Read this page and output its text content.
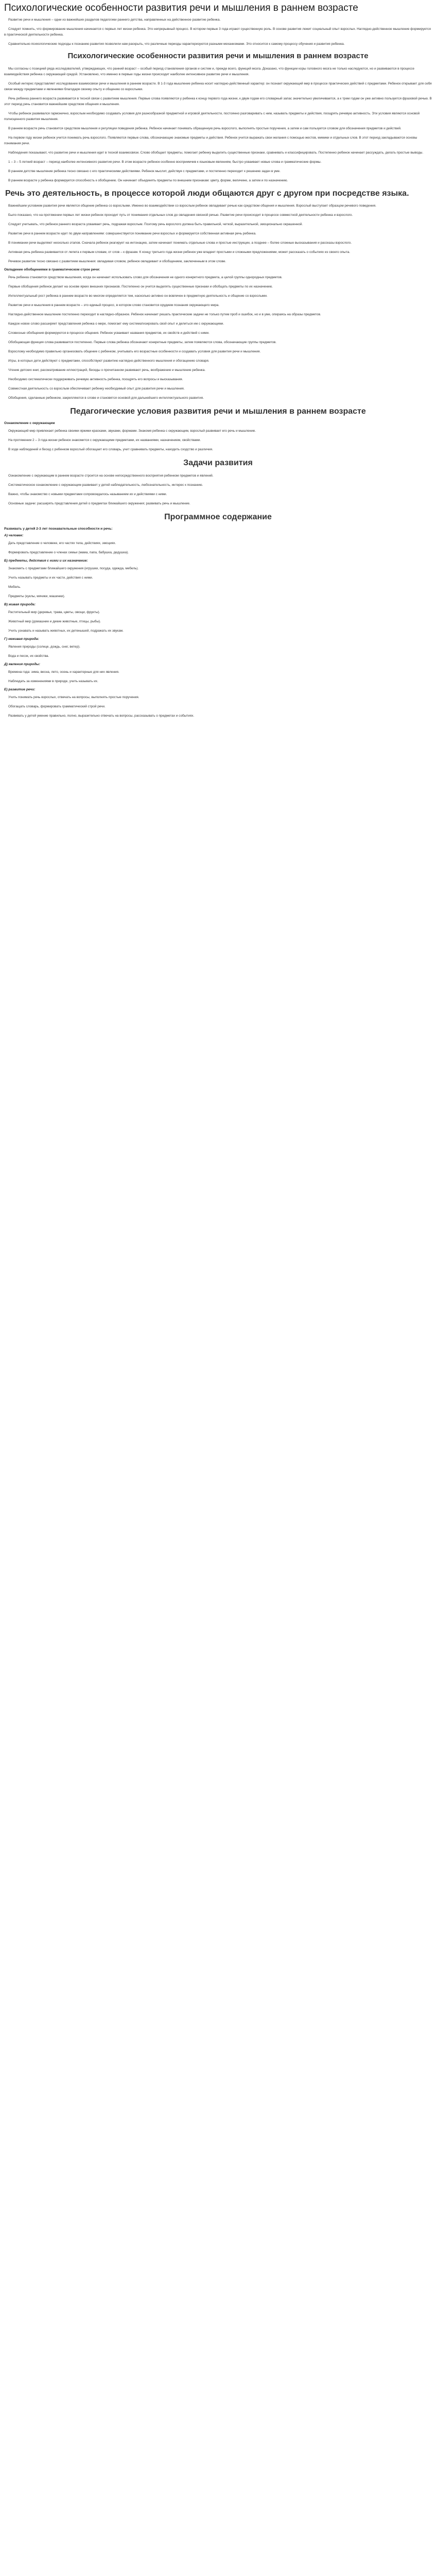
Психологические особенности развития речи и мышления в раннем возрасте

Развитие речи и мышления – одни из важнейших разделов педагогики раннего детства, направленных на действенное развитие ребенка.

Следует помнить, что формирование мышления начинается с первых лет жизни ребенка. Это непрерывный процесс. В котором первые 3 года играют существенную роль. В основе развития лежит социальный опыт взрослых. Наглядно-действенное мышление формируется в практической деятельности ребенка.

Сравнительно-психологические подходы к познанию развития позволили нам раскрыть, что различные периоды характеризуются разными механизмами. Это относится к самому процессу обучения и развития ребенка.

Психологические особенности развития речи и мышления в раннем возрасте

Мы согласны с позицией ряда исследователей, утверждающих, что ранний возраст – особый период становления органов и систем и, прежде всего, функций мозга. Доказано, что функции коры головного мозга не только наследуются, но и развиваются в процессе взаимодействия ребенка с окружающей средой. Установлено, что именно в первые годы жизни происходит наиболее интенсивное развитие речи и мышления.

Особый интерес представляет исследование взаимосвязи речи и мышления в раннем возрасте. В 1-3 года мышление ребенка носит наглядно-действенный характер: он познает окружающий мир в процессе практических действий с предметами. Ребенок открывает для себя связи между предметами и явлениями благодаря своему опыту и общению со взрослыми.

Речь ребенка раннего возраста развивается в тесной связи с развитием мышления. Первые слова появляются у ребенка к концу первого года жизни, к двум годам его словарный запас значительно увеличивается, а к трем годам он уже активно пользуется фразовой речью. В этот период речь становится важнейшим средством общения и мышления.

Чтобы ребенок развивался гармонично, взрослым необходимо создавать условия для разнообразной предметной и игровой деятельности, постоянно разговаривать с ним, называть предметы и действия, поощрять речевую активность. Эти условия являются основой полноценного развития мышления.

В раннем возрасте речь становится средством мышления и регуляции поведения ребенка. Ребенок начинает понимать обращенную речь взрослого, выполнять простые поручения, а затем и сам пользуется словом для обозначения предметов и действий.

На первом году жизни ребенок учится понимать речь взрослого. Появляются первые слова, обозначающие знакомые предметы и действия. Ребенок учится выражать свои желания с помощью жестов, мимики и отдельных слов. В этот период закладываются основы понимания речи.

Наблюдения показывают, что развитие речи и мышления идет в тесной взаимосвязи. Слово обобщает предметы, помогает ребенку выделить существенные признаки, сравнивать и классифицировать. Постепенно ребенок начинает рассуждать, делать простые выводы.

1 – 3 – 5 летний возраст – период наиболее интенсивного развития речи. В этом возрасте ребенок особенно восприимчив к языковым явлениям, быстро усваивает новые слова и грамматические формы.

В раннем детстве мышление ребенка тесно связано с его практическими действиями. Ребенок мыслит, действуя с предметами, и постепенно переходит к решению задач в уме.

В раннем возрасте у ребенка формируется способность к обобщению. Он начинает объединять предметы по внешним признакам: цвету, форме, величине, а затем и по назначению.

Речь это деятельность, в процессе которой люди общаются друг с другом при посредстве языка.

Важнейшим условием развития речи является общение ребенка со взрослыми. Именно во взаимодействии со взрослым ребенок овладевает речью как средством общения и мышления. Взрослый выступает образцом речевого поведения.

Было показано, что на протяжении первых лет жизни ребенок проходит путь от понимания отдельных слов до овладения связной речью. Развитие речи происходит в процессе совместной деятельности ребенка и взрослого.

Следует учитывать, что ребенок раннего возраста усваивает речь, подражая взрослым. Поэтому речь взрослого должна быть правильной, четкой, выразительной, эмоционально окрашенной.

Развитие речи в раннем возрасте идет по двум направлениям: совершенствуется понимание речи взрослых и формируется собственная активная речь ребенка.

В понимании речи выделяют несколько этапов. Сначала ребенок реагирует на интонацию, затем начинает понимать отдельные слова и простые инструкции, а позднее – более сложные высказывания и рассказы взрослого.

Активная речь ребенка развивается от лепета к первым словам, от слов – к фразам. К концу третьего года жизни ребенок уже владеет простыми и сложными предложениями, может рассказать о событиях из своего опыта.

Речевое развитие тесно связано с развитием мышления: овладевая словом, ребенок овладевает и обобщением, заключенным в этом слове.

Овладение обобщениями в грамматическом строе речи:

Речь ребенка становится средством мышления, когда он начинает использовать слово для обозначения не одного конкретного предмета, а целой группы однородных предметов.

Первые обобщения ребенок делает на основе ярких внешних признаков. Постепенно он учится выделять существенные признаки и обобщать предметы по их назначению.

Интеллектуальный рост ребенка в раннем возрасте во многом определяется тем, насколько активно он вовлечен в предметную деятельность и общение со взрослыми.

Развитие речи и мышления в раннем возрасте – это единый процесс, в котором слово становится орудием познания окружающего мира.

Наглядно-действенное мышление постепенно переходит в наглядно-образное. Ребенок начинает решать практические задачи не только путем проб и ошибок, но и в уме, опираясь на образы предметов.

Каждое новое слово расширяет представления ребенка о мире, помогает ему систематизировать свой опыт и делиться им с окружающими.

Словесные обобщения формируются в процессе общения. Ребенок усваивает названия предметов, их свойств и действий с ними.

Обобщающая функция слова развивается постепенно. Первые слова ребенка обозначают конкретные предметы, затем появляются слова, обозначающие группы предметов.

Взрослому необходимо правильно организовать общение с ребенком, учитывать его возрастные особенности и создавать условия для развития речи и мышления.

Игры, в которых дети действуют с предметами, способствуют развитию наглядно-действенного мышления и обогащению словаря.

Чтение детских книг, рассматривание иллюстраций, беседы о прочитанном развивают речь, воображение и мышление ребенка.

Необходимо систематически поддерживать речевую активность ребенка, поощрять его вопросы и высказывания.

Совместная деятельность со взрослым обеспечивает ребенку необходимый опыт для развития речи и мышления.

Обобщения, сделанные ребенком, закрепляются в слове и становятся основой для дальнейшего интеллектуального развития.

Педагогические условия развития речи и мышления в раннем возрасте
Ознакомление с окружающим

Окружающий мир привлекает ребенка своими яркими красками, звуками, формами. Знакомя ребенка с окружающим, взрослый развивает его речь и мышление.

На протяжении 2 – 3 года жизни ребенок знакомится с окружающими предметами, их названиями, назначением, свойствами.

В ходе наблюдений и бесед с ребенком взрослый обогащает его словарь, учит сравнивать предметы, находить сходство и различия.

Задачи развития

Ознакомление с окружающим в раннем возрасте строится на основе непосредственного восприятия ребенком предметов и явлений.

Систематическое ознакомление с окружающим развивает у детей наблюдательность, любознательность, интерес к познанию.

Важно, чтобы знакомство с новыми предметами сопровождалось называнием их и действиями с ними.

Основные задачи: расширять представления детей о предметах ближайшего окружения; развивать речь и мышление.

Программное содержание
Развивать у детей 2-3 лет познавательные способности и речь:
А) человек:

Дать представление о человеке, его частях тела, действиях, эмоциях.

Формировать представление о членах семьи (мама, папа, бабушка, дедушка).

Б) предметы, действия с ними и их назначение:

Знакомить с предметами ближайшего окружения (игрушки, посуда, одежда, мебель).

Учить называть предметы и их части, действия с ними.

Мебель.

Предметы (куклы, мячики, машинки).

В) живая природа:

Растительный мир (деревья, трава, цветы, овощи, фрукты).

Животный мир (домашние и дикие животные, птицы, рыбы).

Учить узнавать и называть животных, их детенышей, подражать их звукам.

Г) неживая природа:

Явления природы (солнце, дождь, снег, ветер).

Вода и песок, их свойства.

Д) явления природы:

Времена года: зима, весна, лето, осень и характерные для них явления.

Наблюдать за изменениями в природе, учить называть их.

Е) развитие речи:

Учить понимать речь взрослых, отвечать на вопросы, выполнять простые поручения.

Обогащать словарь, формировать грамматический строй речи.

Развивать у детей умение правильно, полно, выразительно отвечать на вопросы, рассказывать о предметах и событиях.
